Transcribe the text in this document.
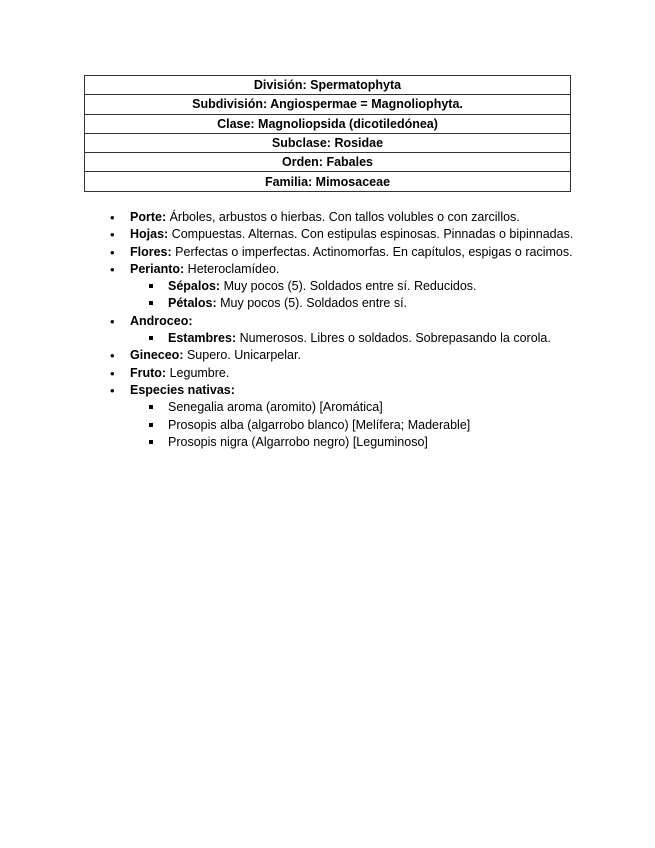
División: Spermatophyta
Subdivisión: Angiospermae = Magnoliophyta.
Clase: Magnoliopsida (dicotiledónea)
Subclase: Rosidae
Orden: Fabales
Familia: Mimosaceae
•
Porte: Árboles, arbustos o hierbas. Con tallos volubles o con zarcillos.
•
Hojas: Compuestas. Alternas. Con estipulas espinosas. Pinnadas o bipinnadas.
•
Flores: Perfectas o imperfectas. Actinomorfas. En capítulos, espigas o racimos.
•
Perianto: Heteroclamídeo.
Sépalos: Muy pocos (5). Soldados entre sí. Reducidos.
Pétalos: Muy pocos (5). Soldados entre sí.
•
Androceo:
Estambres: Numerosos. Libres o soldados. Sobrepasando la corola.
•
Gineceo: Supero. Unicarpelar.
•
Fruto: Legumbre.
•
Especies nativas:
Senegalia aroma (aromito) [Aromática]
Prosopis alba (algarrobo blanco) [Melífera; Maderable]
Prosopis nigra (Algarrobo negro) [Leguminoso]
